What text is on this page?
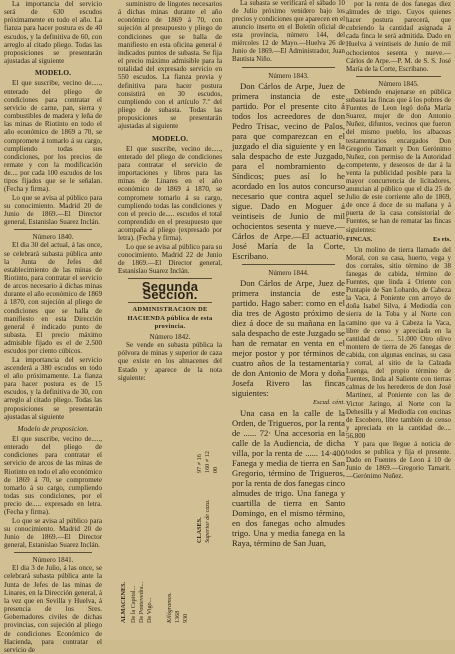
La importancia del servicio será de 630 escudos próximamente en todo el año. La fianza para hacer postura es de 40 escudos, y la definitiva de 60, con arreglo al citado pliego. Todas las proposiciones se presentarán ajustadas al siguiente

MODELO.

El que suscribe, vecino de....., enterado del pliego de condiciones para contratar el servicio de carne, pan, sierra y combustibles de madera y leña de las minas de Riotinto en todo el año económico de 1869 a 70, se compromete á tomarlo á su cargo, cumpliendo todas sus condiciones, por los precios de remate y con la modificación de.... por cada 100 escudos de los tipos fijados que se le señalan. (Fecha y firma).

Lo que se avisa al público para su conocimiento. Madrid 20 de Junio de 1869.—El Director general, Estanislao Suarez Inclán.

Número 1840.

El dia 30 del actual, á las once, se celebrará subasta pública ante la Junta de Jefes del establecimiento de las minas de Riotinto, para contratar el servicio de arcos necesario á dichas minas durante el año económico de 1869 á 1870, con sujeción al pliego de condiciones que se halla de manifiesto en esta Dirección general é indicado punto de subasta. El precio máximo admisible fijado es el de 2.500 escudos por ciento cúbicos.

La importancia del servicio ascenderá a 380 escudos en todo el año próximamente. La fianza para hacer postura es de 15 escudos, y la definitiva de 30, con arreglo al citado pliego. Todas las proposiciones se presentarán ajustadas al siguiente

Modelo de proposicion.

El que suscribe, vecino de....., enterado del pliego de condiciones para contratar el servicio de arcos de las minas de Riotinto en todo el año económico de 1869 á 70, se compromete tomarlo á su cargo, cumpliendo todas sus condiciones, por el precio de..... expresado en letra. (Fecha y firma).

Lo que se avisa al público para su conocimiento. Madrid 20 de Junio de 1869.—El Director general, Estanislao Suarez Inclán.

Número 1841.

El dia 3 de Julio, á las once, se celebrará subasta pública ante la Junta de Jefes de las minas de Linares, en la Dirección general, á la vez que en Sevilla y Huelva, á presencia de los Sres. Gobernadores civiles de dichas provincias, con sujeción al pliego de condiciones Económico de Hacienda, para contratar el servicio de

suministro de lingotes necesarios á dichas minas durante el año económico de 1869 á 70, con sujeción al presupuesto y pliego de condiciones que se halla de manifiesto en esta oficina general é indicados puntos de subasta. Se fija el precio máximo admisible para la totalidad del expresado servicio en 550 escudos. La fianza previa y definitiva para hacer postura consistirá en 30 escudos, cumpliendo con el artículo 7.º del pliego de subasta. Todas las proposiciones se presentarán ajustadas al siguiente

MODELO.

El que suscribe, vecino de....., enterado del pliego de condiciones para contratar el servicio de importaciones y libros para las minas de Linares en el año económico de 1869 á 1870, se compromete tomarlo á su cargo, cumpliendo todas las condiciones y con el precio de..... escudos el total comprendido en el presupuesto que acompaña al pliego (expresado por letra). (Fecha y firma).

Lo que se avisa al público para su conocimiento. Madrid 22 de Junio de 1869.—El Director general, Estanislao Suarez Inclán.

Segunda Seccion.
ADMINISTRACION DE HACIENDA pública de esta provincia.

Número 1842.

Se vende en subasta pública la pólvora de minas y superior de caza que existe en los almacenes del Estado y aparece de la nota siguiente:

ALMACENES. De la Capital... De Pontevedra... De Vigo... Kilógramos. 1368 930
CLASES. Superior de caza.
97 ≠ 16 160 ≠ 12 00

La subasta se verificará el sábado 10 de Julio próximo venidero bajo los precios y condiciones que aparecen en el anuncio inserto en el Boletín oficial de esta provincia, número 144, del miércoles 12 de Mayo.—Huelva 26 de Junio de 1869.—El Administrador, Juan Bautista Niño.

Número 1843.

Don Cárlos de Arpe, Juez de primera instancia de este partido. Por el presente cito á todos los acreedores de don Pedro Trisac, vecino de Palos, para que comparezcan en el juzgado el dia siguiente y en la sala despacho de este Juzgado, para el nombramiento de Síndicos; pues así lo he acordado en los autos concurso necesario que contra aquel se sigue. Dado en Moguer á veintiseis de Junio de mil ochocientos sesenta y nueve.—Cárlos de Arpe.—El actuario, José María de la Corte, Escribano.

Número 1844.

Don Cárlos de Arpe, Juez de primera instancia de este partido. Hago saber: como en el dia tres de Agosto próximo de diez á doce de su mañana en la sala despacho de este Juzgado se han de rematar en venta en el mejor postor y por términos de cuatro años de la testamentaria de don Antonio de Mora y doña Josefa Rivero las fincas siguientes:

Escud. cént.

Una casa en la calle de la Orden, de Trigueros, por la renta de ...... 72· Una accesoria en la calle de la Audiencia, de dicha villa, por la renta de ...... 14·400 Fanega y media de tierra en San Gregorio, término de Trigueros, por la renta de dos fanegas cinco almudes de trigo. Una fanega y cuartilla de tierra en Santo Domingo, en el mismo término, en dos fanegas ocho almudes trigo. Una y media fanega en la Raya, término de San Juan,

por la renta de dos fanegas diez almudes de trigo. Cuyos quienes hacer postura parecerá, que cubriendo la cantidad asignada á cada finca le será admitida. Dado en Huelva á veintiseis de Junio de mil ochocientos sesenta y nueve.—Cárlos de Arpe.—P. M. de S. S. José María de la Corte, Escribano.

Número 1845.

Debiendo enajenarse en pública subasta las fincas que á los pobres de Fuentes de Leon legó doña María Suarez, mujer de don Antonio Nuñez, difuntos, vecinos que fueron del mismo pueblo, los albaceas testamentarios encargados Don Gregorio Tamarit y Don Gerónimo Nuñez, con permiso de la Autoridad competente, y deseosos de dar á la venta la publicidad posible para la mayor concurrencia de licitadores, anuncian al público que el dia 25 de Julio de este corriente año de 1869, de once á doce de su mañana y á puerta de la casa consistorial de Fuentes, se han de rematar las fincas siguientes:

FINCAS.	Es ets.

Un molino de tierra llamado del Moral, con su casa, huerto, vega y dos corrales, sitio término de 38 fanegas de cabida, término de Fuentes, que linda á Oriente con Puntapie de San Lobardo, de Cabeza la Vaca, á Poniente con arroyo de doña Isabel Silva, á Mediodía con sierra de la Toba y al Norte con camino que va á Cabeza la Vaca, libre de censo y apreciada en la cantidad de ...... 51.000 Otro olivo montero de tierra de 26 fanegas de cabida, con algunas encinas, su casa y corral, al sitio de la Calzada Luenga, del propio término de Fuentes, linda al Saliente con tierras calmas de los herederos de don José Martinez, al Poniente con las de Victor Jaringo, al Norte con la Dehesilla y al Mediodía con encinas de Escobero, libre también de censo y apreciada en la cantidad de.... 56.800

Y para que llegue á noticia de todos se publica y fija el presente. Dado en Fuentes de Leon á 10 de Junio de 1869.—Gregorio Tamarit.—Gerónimo Nuñez.
